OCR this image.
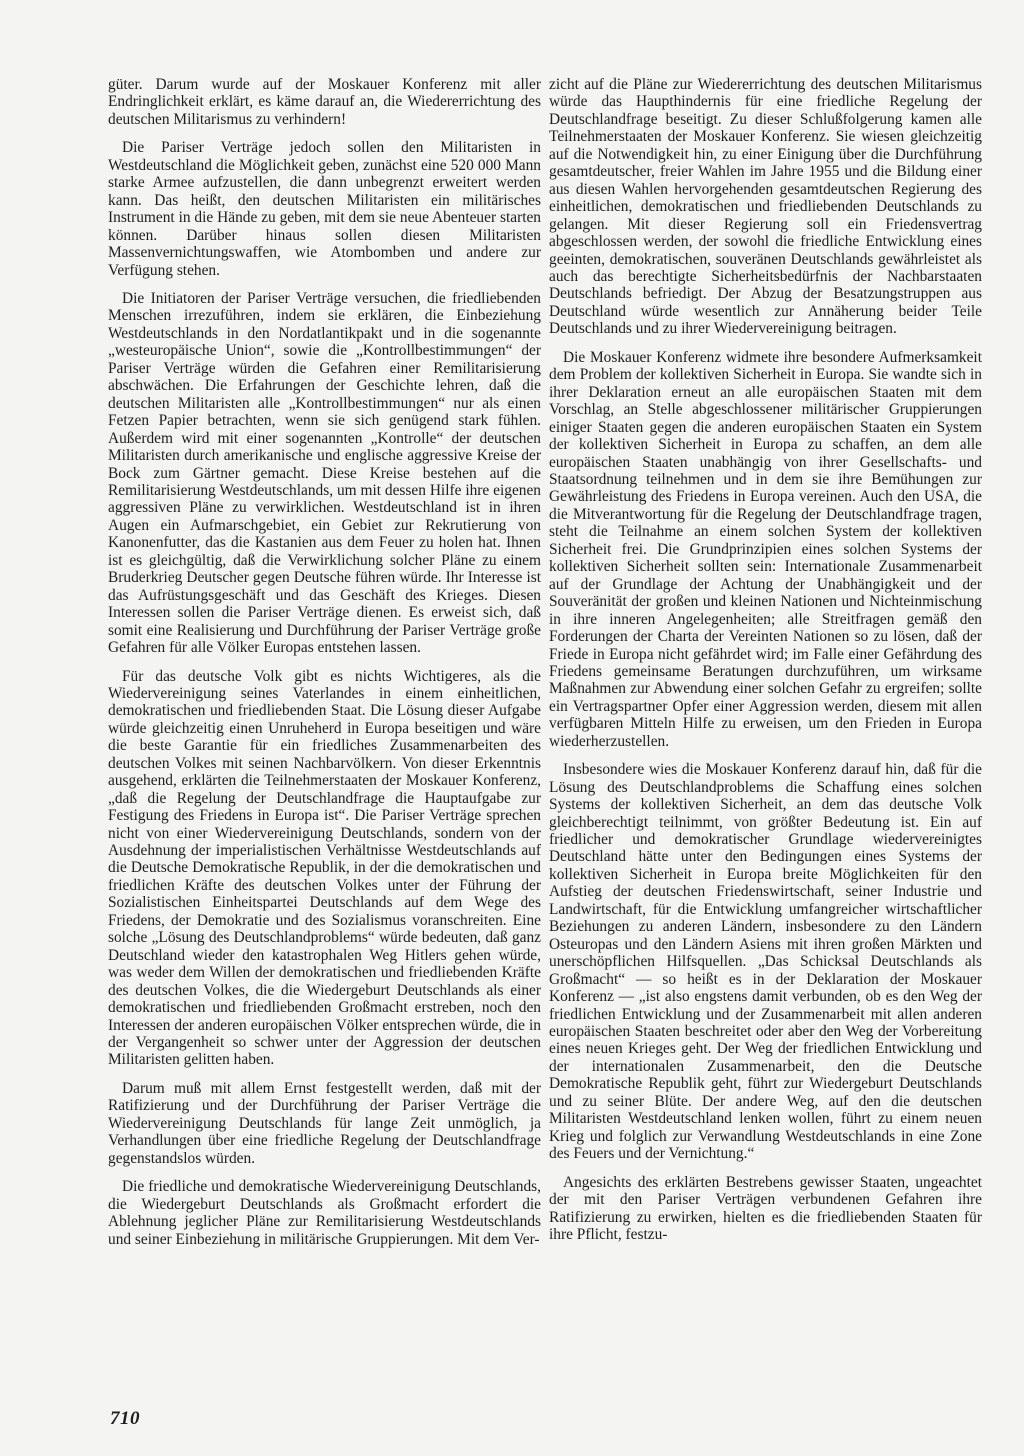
güter. Darum wurde auf der Moskauer Konferenz mit aller Endringlichkeit erklärt, es käme darauf an, die Wiedererrichtung des deutschen Militarismus zu verhindern!

Die Pariser Verträge jedoch sollen den Militaristen in Westdeutschland die Möglichkeit geben, zunächst eine 520 000 Mann starke Armee aufzustellen, die dann unbegrenzt erweitert werden kann. Das heißt, den deutschen Militaristen ein militärisches Instrument in die Hände zu geben, mit dem sie neue Abenteuer starten können. Darüber hinaus sollen diesen Militaristen Massenvernichtungswaffen, wie Atombomben und andere zur Verfügung stehen.

Die Initiatoren der Pariser Verträge versuchen, die friedliebenden Menschen irrezuführen, indem sie erklären, die Einbeziehung Westdeutschlands in den Nordatlantikpakt und in die sogenannte „westeuropäische Union“, sowie die „Kontrollbestimmungen“ der Pariser Verträge würden die Gefahren einer Remilitarisierung abschwächen. Die Erfahrungen der Geschichte lehren, daß die deutschen Militaristen alle „Kontrollbestimmungen“ nur als einen Fetzen Papier betrachten, wenn sie sich genügend stark fühlen. Außerdem wird mit einer sogenannten „Kontrolle“ der deutschen Militaristen durch amerikanische und englische aggressive Kreise der Bock zum Gärtner gemacht. Diese Kreise bestehen auf die Remilitarisierung Westdeutschlands, um mit dessen Hilfe ihre eigenen aggressiven Pläne zu verwirklichen. Westdeutschland ist in ihren Augen ein Aufmarschgebiet, ein Gebiet zur Rekrutierung von Kanonenfutter, das die Kastanien aus dem Feuer zu holen hat. Ihnen ist es gleichgültig, daß die Verwirklichung solcher Pläne zu einem Bruderkrieg Deutscher gegen Deutsche führen würde. Ihr Interesse ist das Aufrüstungsgeschäft und das Geschäft des Krieges. Diesen Interessen sollen die Pariser Verträge dienen. Es erweist sich, daß somit eine Realisierung und Durchführung der Pariser Verträge große Gefahren für alle Völker Europas entstehen lassen.

Für das deutsche Volk gibt es nichts Wichtigeres, als die Wiedervereinigung seines Vaterlandes in einem einheitlichen, demokratischen und friedliebenden Staat. Die Lösung dieser Aufgabe würde gleichzeitig einen Unruheherd in Europa beseitigen und wäre die beste Garantie für ein friedliches Zusammenarbeiten des deutschen Volkes mit seinen Nachbarvölkern. Von dieser Erkenntnis ausgehend, erklärten die Teilnehmerstaaten der Moskauer Konferenz, „daß die Regelung der Deutschlandfrage die Hauptaufgabe zur Festigung des Friedens in Europa ist“. Die Pariser Verträge sprechen nicht von einer Wiedervereinigung Deutschlands, sondern von der Ausdehnung der imperialistischen Verhältnisse Westdeutschlands auf die Deutsche Demokratische Republik, in der die demokratischen und friedlichen Kräfte des deutschen Volkes unter der Führung der Sozialistischen Einheitspartei Deutschlands auf dem Wege des Friedens, der Demokratie und des Sozialismus voranschreiten. Eine solche „Lösung des Deutschlandproblems“ würde bedeuten, daß ganz Deutschland wieder den katastrophalen Weg Hitlers gehen würde, was weder dem Willen der demokratischen und friedliebenden Kräfte des deutschen Volkes, die die Wiedergeburt Deutschlands als einer demokratischen und friedliebenden Großmacht erstreben, noch den Interessen der anderen europäischen Völker entsprechen würde, die in der Vergangenheit so schwer unter der Aggression der deutschen Militaristen gelitten haben.

Darum muß mit allem Ernst festgestellt werden, daß mit der Ratifizierung und der Durchführung der Pariser Verträge die Wiedervereinigung Deutschlands für lange Zeit unmöglich, ja Verhandlungen über eine friedliche Regelung der Deutschlandfrage gegenstandslos würden.

Die friedliche und demokratische Wiedervereinigung Deutschlands, die Wiedergeburt Deutschlands als Großmacht erfordert die Ablehnung jeglicher Pläne zur Remilitarisierung Westdeutschlands und seiner Einbeziehung in militärische Gruppierungen. Mit dem Ver-

zicht auf die Pläne zur Wiedererrichtung des deutschen Militarismus würde das Haupthindernis für eine friedliche Regelung der Deutschlandfrage beseitigt. Zu dieser Schlußfolgerung kamen alle Teilnehmerstaaten der Moskauer Konferenz. Sie wiesen gleichzeitig auf die Notwendigkeit hin, zu einer Einigung über die Durchführung gesamtdeutscher, freier Wahlen im Jahre 1955 und die Bildung einer aus diesen Wahlen hervorgehenden gesamtdeutschen Regierung des einheitlichen, demokratischen und friedliebenden Deutschlands zu gelangen. Mit dieser Regierung soll ein Friedensvertrag abgeschlossen werden, der sowohl die friedliche Entwicklung eines geeinten, demokratischen, souveränen Deutschlands gewährleistet als auch das berechtigte Sicherheitsbedürfnis der Nachbarstaaten Deutschlands befriedigt. Der Abzug der Besatzungstruppen aus Deutschland würde wesentlich zur Annäherung beider Teile Deutschlands und zu ihrer Wiedervereinigung beitragen.

Die Moskauer Konferenz widmete ihre besondere Aufmerksamkeit dem Problem der kollektiven Sicherheit in Europa. Sie wandte sich in ihrer Deklaration erneut an alle europäischen Staaten mit dem Vorschlag, an Stelle abgeschlossener militärischer Gruppierungen einiger Staaten gegen die anderen europäischen Staaten ein System der kollektiven Sicherheit in Europa zu schaffen, an dem alle europäischen Staaten unabhängig von ihrer Gesellschafts- und Staatsordnung teilnehmen und in dem sie ihre Bemühungen zur Gewährleistung des Friedens in Europa vereinen. Auch den USA, die die Mitverantwortung für die Regelung der Deutschlandfrage tragen, steht die Teilnahme an einem solchen System der kollektiven Sicherheit frei. Die Grundprinzipien eines solchen Systems der kollektiven Sicherheit sollten sein: Internationale Zusammenarbeit auf der Grundlage der Achtung der Unabhängigkeit und der Souveränität der großen und kleinen Nationen und Nichteinmischung in ihre inneren Angelegenheiten; alle Streitfragen gemäß den Forderungen der Charta der Vereinten Nationen so zu lösen, daß der Friede in Europa nicht gefährdet wird; im Falle einer Gefährdung des Friedens gemeinsame Beratungen durchzuführen, um wirksame Maßnahmen zur Abwendung einer solchen Gefahr zu ergreifen; sollte ein Vertragspartner Opfer einer Aggression werden, diesem mit allen verfügbaren Mitteln Hilfe zu erweisen, um den Frieden in Europa wiederherzustellen.

Insbesondere wies die Moskauer Konferenz darauf hin, daß für die Lösung des Deutschlandproblems die Schaffung eines solchen Systems der kollektiven Sicherheit, an dem das deutsche Volk gleichberechtigt teilnimmt, von größter Bedeutung ist. Ein auf friedlicher und demokratischer Grundlage wiedervereinigtes Deutschland hätte unter den Bedingungen eines Systems der kollektiven Sicherheit in Europa breite Möglichkeiten für den Aufstieg der deutschen Friedenswirtschaft, seiner Industrie und Landwirtschaft, für die Entwicklung umfangreicher wirtschaftlicher Beziehungen zu anderen Ländern, insbesondere zu den Ländern Osteuropas und den Ländern Asiens mit ihren großen Märkten und unerschöpflichen Hilfsquellen. „Das Schicksal Deutschlands als Großmacht“ — so heißt es in der Deklaration der Moskauer Konferenz — „ist also engstens damit verbunden, ob es den Weg der friedlichen Entwicklung und der Zusammenarbeit mit allen anderen europäischen Staaten beschreitet oder aber den Weg der Vorbereitung eines neuen Krieges geht. Der Weg der friedlichen Entwicklung und der internationalen Zusammenarbeit, den die Deutsche Demokratische Republik geht, führt zur Wiedergeburt Deutschlands und zu seiner Blüte. Der andere Weg, auf den die deutschen Militaristen Westdeutschland lenken wollen, führt zu einem neuen Krieg und folglich zur Verwandlung Westdeutschlands in eine Zone des Feuers und der Vernichtung.“

Angesichts des erklärten Bestrebens gewisser Staaten, ungeachtet der mit den Pariser Verträgen verbundenen Gefahren ihre Ratifizierung zu erwirken, hielten es die friedliebenden Staaten für ihre Pflicht, festzu-

710
